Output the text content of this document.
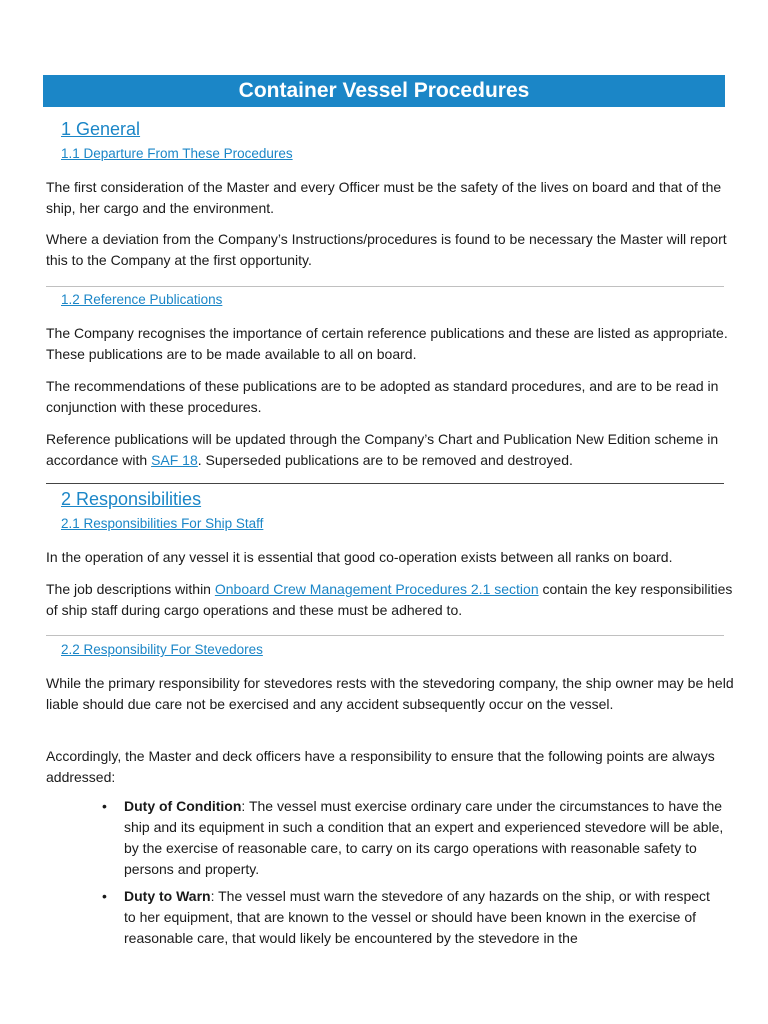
Container Vessel Procedures
1 General
1.1 Departure From These Procedures
The first consideration of the Master and every Officer must be the safety of the lives on board and that of the ship, her cargo and the environment.
Where a deviation from the Company’s Instructions/procedures is found to be necessary the Master will report this to the Company at the first opportunity.
1.2 Reference Publications
The Company recognises the importance of certain reference publications and these are listed as appropriate. These publications are to be made available to all on board.
The recommendations of these publications are to be adopted as standard procedures, and are to be read in conjunction with these procedures.
Reference publications will be updated through the Company’s Chart and Publication New Edition scheme in accordance with SAF 18. Superseded publications are to be removed and destroyed.
2 Responsibilities
2.1 Responsibilities For Ship Staff
In the operation of any vessel it is essential that good co-operation exists between all ranks on board.
The job descriptions within Onboard Crew Management Procedures 2.1 section contain the key responsibilities of ship staff during cargo operations and these must be adhered to.
2.2 Responsibility For Stevedores
While the primary responsibility for stevedores rests with the stevedoring company, the ship owner may be held liable should due care not be exercised and any accident subsequently occur on the vessel.
Accordingly, the Master and deck officers have a responsibility to ensure that the following points are always addressed:
• Duty of Condition: The vessel must exercise ordinary care under the circumstances to have the ship and its equipment in such a condition that an expert and experienced stevedore will be able, by the exercise of reasonable care, to carry on its cargo operations with reasonable safety to persons and property.
• Duty to Warn: The vessel must warn the stevedore of any hazards on the ship, or with respect to her equipment, that are known to the vessel or should have been known in the exercise of reasonable care, that would likely be encountered by the stevedore in the
